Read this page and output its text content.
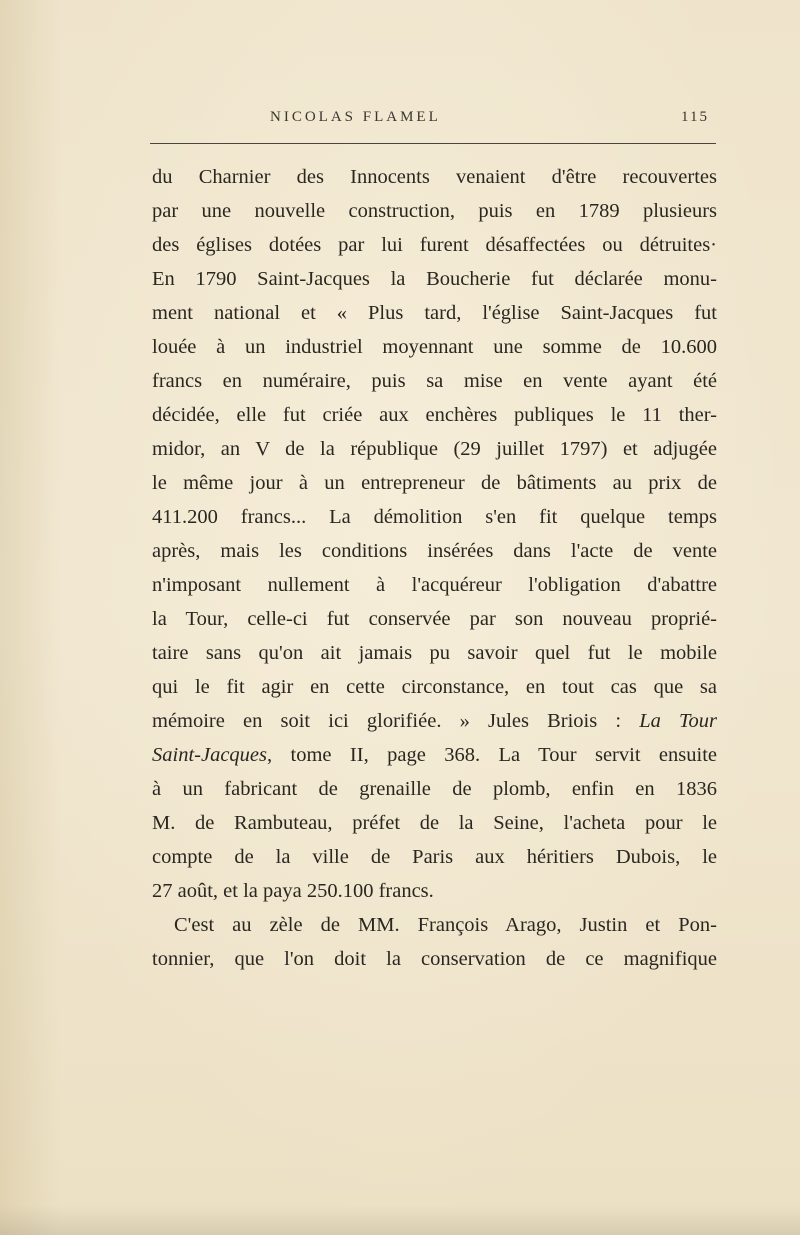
NICOLAS FLAMEL	115
du Charnier des Innocents venaient d'être recouvertes
par une nouvelle construction, puis en 1789 plusieurs
des églises dotées par lui furent désaffectées ou détruites·
En 1790 Saint-Jacques la Boucherie fut déclarée monu-
ment national et « Plus tard, l'église Saint-Jacques fut
louée à un industriel moyennant une somme de 10.600
francs en numéraire, puis sa mise en vente ayant été
décidée, elle fut criée aux enchères publiques le 11 ther-
midor, an V de la république (29 juillet 1797) et adjugée
le même jour à un entrepreneur de bâtiments au prix de
411.200 francs... La démolition s'en fit quelque temps
après, mais les conditions insérées dans l'acte de vente
n'imposant nullement à l'acquéreur l'obligation d'abattre
la Tour, celle-ci fut conservée par son nouveau proprié-
taire sans qu'on ait jamais pu savoir quel fut le mobile
qui le fit agir en cette circonstance, en tout cas que sa
mémoire en soit ici glorifiée. » Jules Briois : La Tour
Saint-Jacques, tome II, page 368. La Tour servit ensuite
à un fabricant de grenaille de plomb, enfin en 1836
M. de Rambuteau, préfet de la Seine, l'acheta pour le
compte de la ville de Paris aux héritiers Dubois, le
27 août, et la paya 250.100 francs.
C'est au zèle de MM. François Arago, Justin et Pon-
tonnier, que l'on doit la conservation de ce magnifique
